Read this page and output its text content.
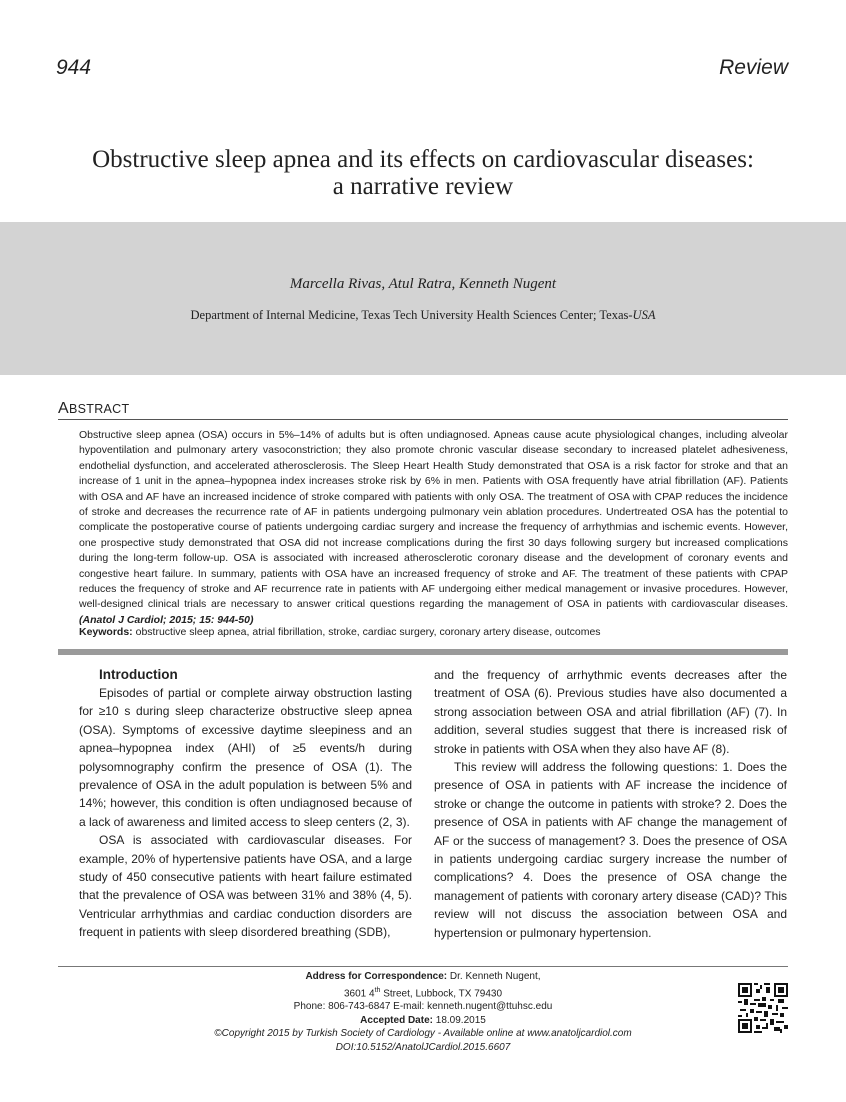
944	Review
Obstructive sleep apnea and its effects on cardiovascular diseases:
a narrative review
Marcella Rivas, Atul Ratra, Kenneth Nugent
Department of Internal Medicine, Texas Tech University Health Sciences Center; Texas-USA
ABSTRACT
Obstructive sleep apnea (OSA) occurs in 5%–14% of adults but is often undiagnosed. Apneas cause acute physiological changes, including alveolar hypoventilation and pulmonary artery vasoconstriction; they also promote chronic vascular disease secondary to increased platelet adhesiveness, endothelial dysfunction, and accelerated atherosclerosis. The Sleep Heart Health Study demonstrated that OSA is a risk factor for stroke and that an increase of 1 unit in the apnea–hypopnea index increases stroke risk by 6% in men. Patients with OSA frequently have atrial fibrillation (AF). Patients with OSA and AF have an increased incidence of stroke compared with patients with only OSA. The treatment of OSA with CPAP reduces the incidence of stroke and decreases the recurrence rate of AF in patients undergoing pulmonary vein ablation procedures. Undertreated OSA has the potential to complicate the postoperative course of patients undergoing cardiac surgery and increase the frequency of arrhythmias and ischemic events. However, one prospective study demonstrated that OSA did not increase complications during the first 30 days following surgery but increased complications during the long-term follow-up. OSA is associated with increased atherosclerotic coronary disease and the development of coronary events and congestive heart failure. In summary, patients with OSA have an increased frequency of stroke and AF. The treatment of these patients with CPAP reduces the frequency of stroke and AF recurrence rate in patients with AF undergoing either medical management or invasive procedures. However, well-designed clinical trials are necessary to answer critical questions regarding the management of OSA in patients with cardiovascular diseases. (Anatol J Cardiol; 2015; 15: 944-50)
Keywords: obstructive sleep apnea, atrial fibrillation, stroke, cardiac surgery, coronary artery disease, outcomes

Introduction

Episodes of partial or complete airway obstruction lasting for ≥10 s during sleep characterize obstructive sleep apnea (OSA). Symptoms of excessive daytime sleepiness and an apnea–hypopnea index (AHI) of ≥5 events/h during polysomnography confirm the presence of OSA (1). The prevalence of OSA in the adult population is between 5% and 14%; however, this condition is often undiagnosed because of a lack of awareness and limited access to sleep centers (2, 3).

OSA is associated with cardiovascular diseases. For example, 20% of hypertensive patients have OSA, and a large study of 450 consecutive patients with heart failure estimated that the prevalence of OSA was between 31% and 38% (4, 5). Ventricular arrhythmias and cardiac conduction disorders are frequent in patients with sleep disordered breathing (SDB),

and the frequency of arrhythmic events decreases after the treatment of OSA (6). Previous studies have also documented a strong association between OSA and atrial fibrillation (AF) (7). In addition, several studies suggest that there is increased risk of stroke in patients with OSA when they also have AF (8).

This review will address the following questions: 1. Does the presence of OSA in patients with AF increase the incidence of stroke or change the outcome in patients with stroke? 2. Does the presence of OSA in patients with AF change the management of AF or the success of management? 3. Does the presence of OSA in patients undergoing cardiac surgery increase the number of complications? 4. Does the presence of OSA change the management of patients with coronary artery disease (CAD)? This review will not discuss the association between OSA and hypertension or pulmonary hypertension.

Address for Correspondence: Dr. Kenneth Nugent,
3601 4th Street, Lubbock, TX 79430
Phone: 806-743-6847 E-mail: kenneth.nugent@ttuhsc.edu
Accepted Date: 18.09.2015
©Copyright 2015 by Turkish Society of Cardiology - Available online at www.anatoljcardiol.com
DOI:10.5152/AnatolJCardiol.2015.6607
